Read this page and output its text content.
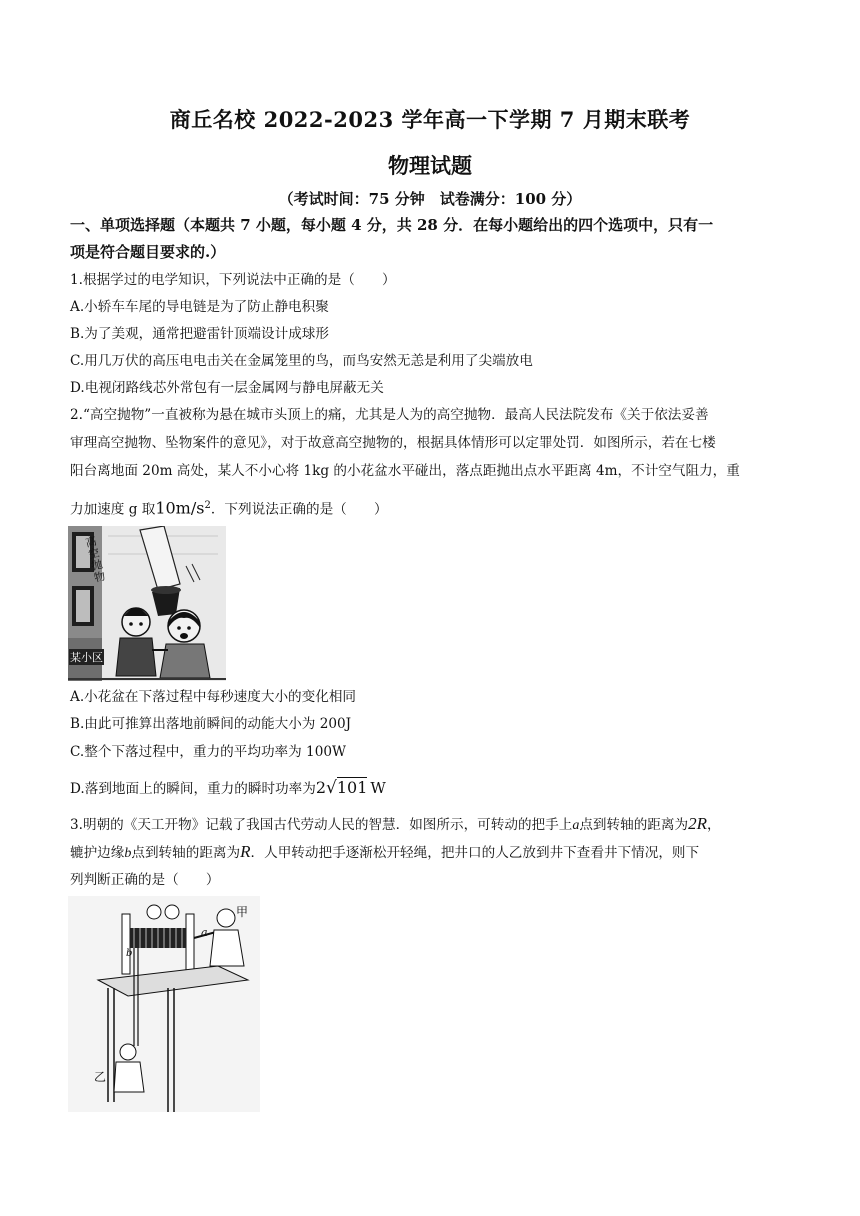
商丘名校 2022-2023 学年高一下学期 7 月期末联考
物理试题
（考试时间：75 分钟　试卷满分：100 分）
一、单项选择题（本题共 7 小题，每小题 4 分，共 28 分．在每小题给出的四个选项中，只有一
项是符合题目要求的.）
1.根据学过的电学知识，下列说法中正确的是（　　）
A.小轿车车尾的导电链是为了防止静电积聚
B.为了美观，通常把避雷针顶端设计成球形
C.用几万伏的高压电电击关在金属笼里的鸟，而鸟安然无恙是利用了尖端放电
D.电视闭路线芯外常包有一层金属网与静电屏蔽无关
2.“高空抛物”一直被称为悬在城市头顶上的痛，尤其是人为的高空抛物．最高人民法院发布《关于依法妥善
审理高空抛物、坠物案件的意见》，对于故意高空抛物的，根据具体情形可以定罪处罚．如图所示，若在七楼
阳台离地面 20m 高处，某人不小心将 1kg 的小花盆水平碰出，落点距抛出点水平距离 4m，不计空气阻力，重
力加速度 g 取$10m/s^2$．下列说法正确的是（　　）
高空抛物
某小区
A.小花盆在下落过程中每秒速度大小的变化相同
B.由此可推算出落地前瞬间的动能大小为 200J
C.整个下落过程中，重力的平均功率为 100W
D.落到地面上的瞬间，重力的瞬时功率为2√101 W
3.明朝的《天工开物》记载了我国古代劳动人民的智慧．如图所示，可转动的把手上a点到转轴的距离为2R，
辘护边缘b点到转轴的距离为R．人甲转动把手逐渐松开轻绳，把井口的人乙放到井下查看井下情况，则下
列判断正确的是（　　）
甲
乙
a
b
